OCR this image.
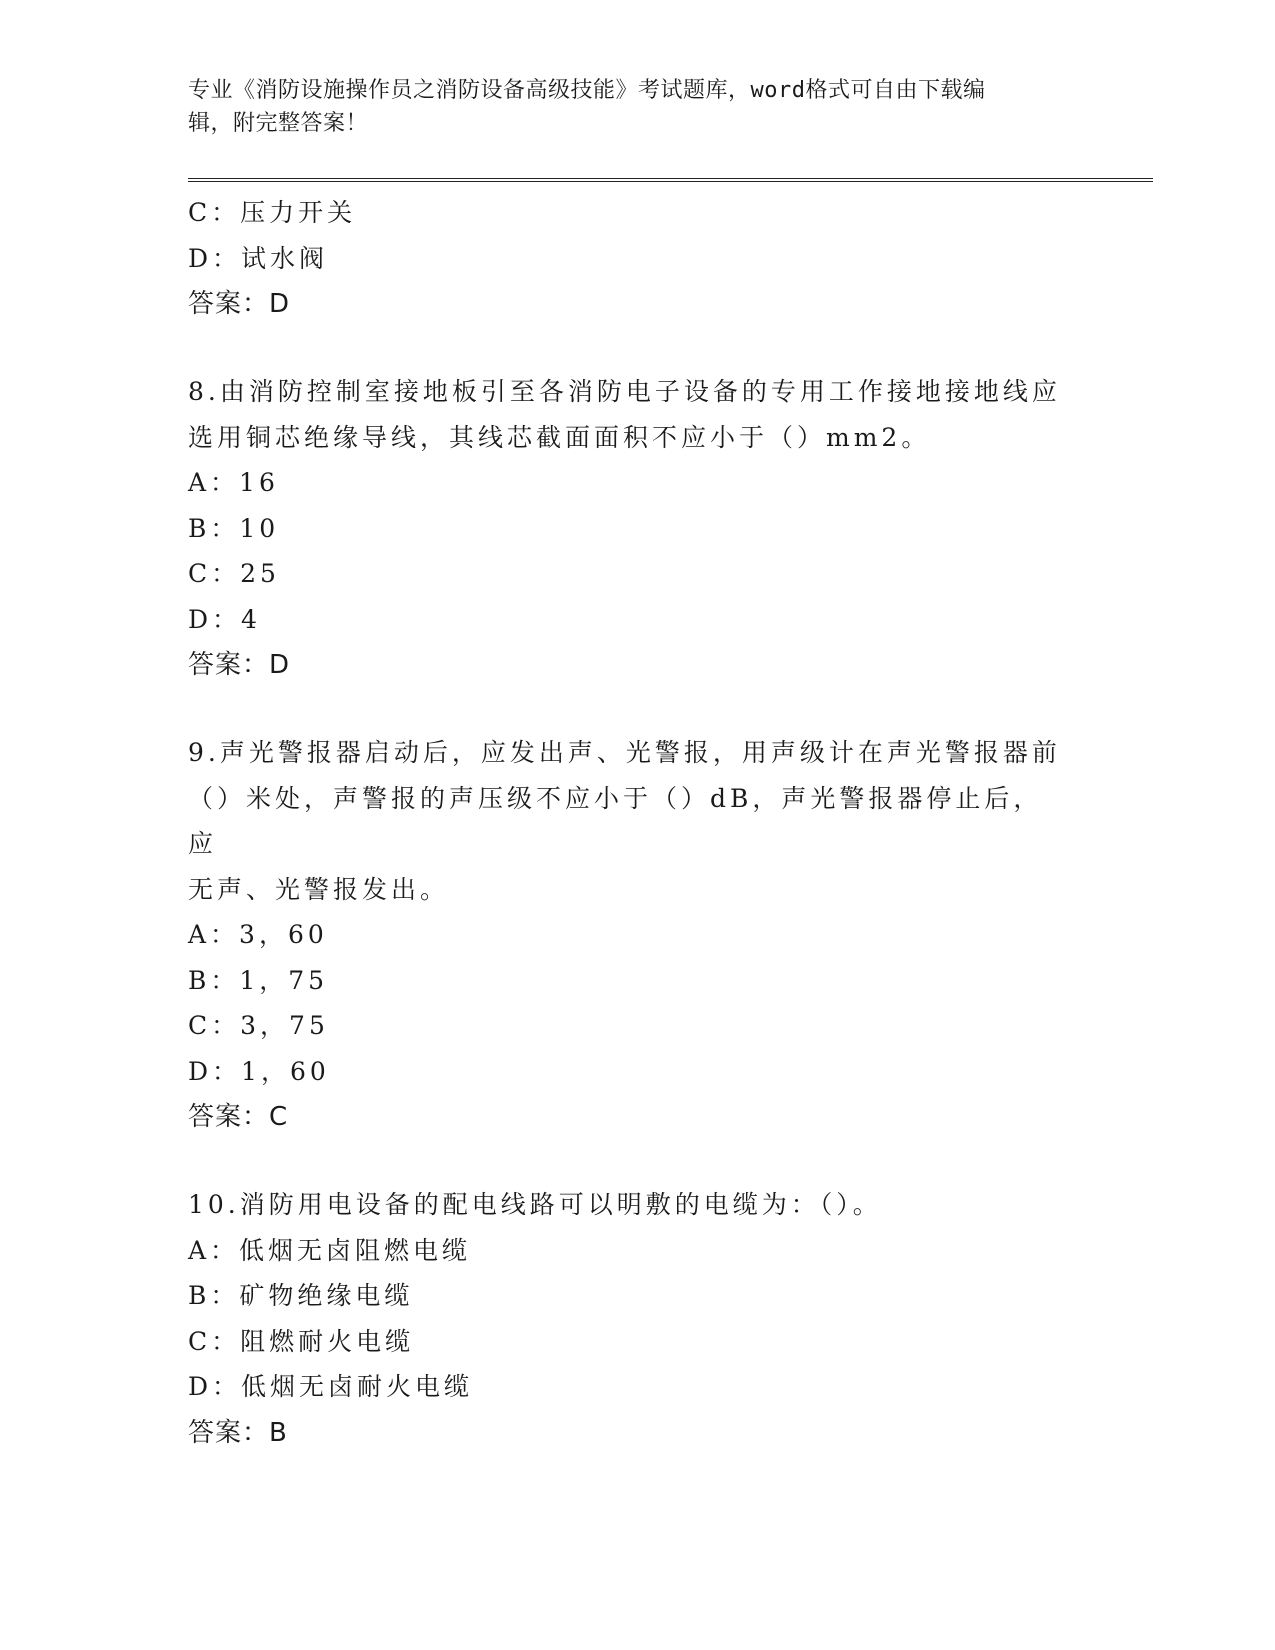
专业《消防设施操作员之消防设备高级技能》考试题库，word格式可自由下载编
辑，附完整答案！
C：压力开关
D：试水阀
答案：D
8.由消防控制室接地板引至各消防电子设备的专用工作接地接地线应
选用铜芯绝缘导线，其线芯截面面积不应小于（）mm2。
A：16
B：10
C：25
D：4
答案：D
9.声光警报器启动后，应发出声、光警报，用声级计在声光警报器前
（）米处，声警报的声压级不应小于（）dB，声光警报器停止后，应
无声、光警报发出。
A：3，60
B：1，75
C：3，75
D：1，60
答案：C
10.消防用电设备的配电线路可以明敷的电缆为：（）。
A：低烟无卤阻燃电缆
B：矿物绝缘电缆
C：阻燃耐火电缆
D：低烟无卤耐火电缆
答案：B
